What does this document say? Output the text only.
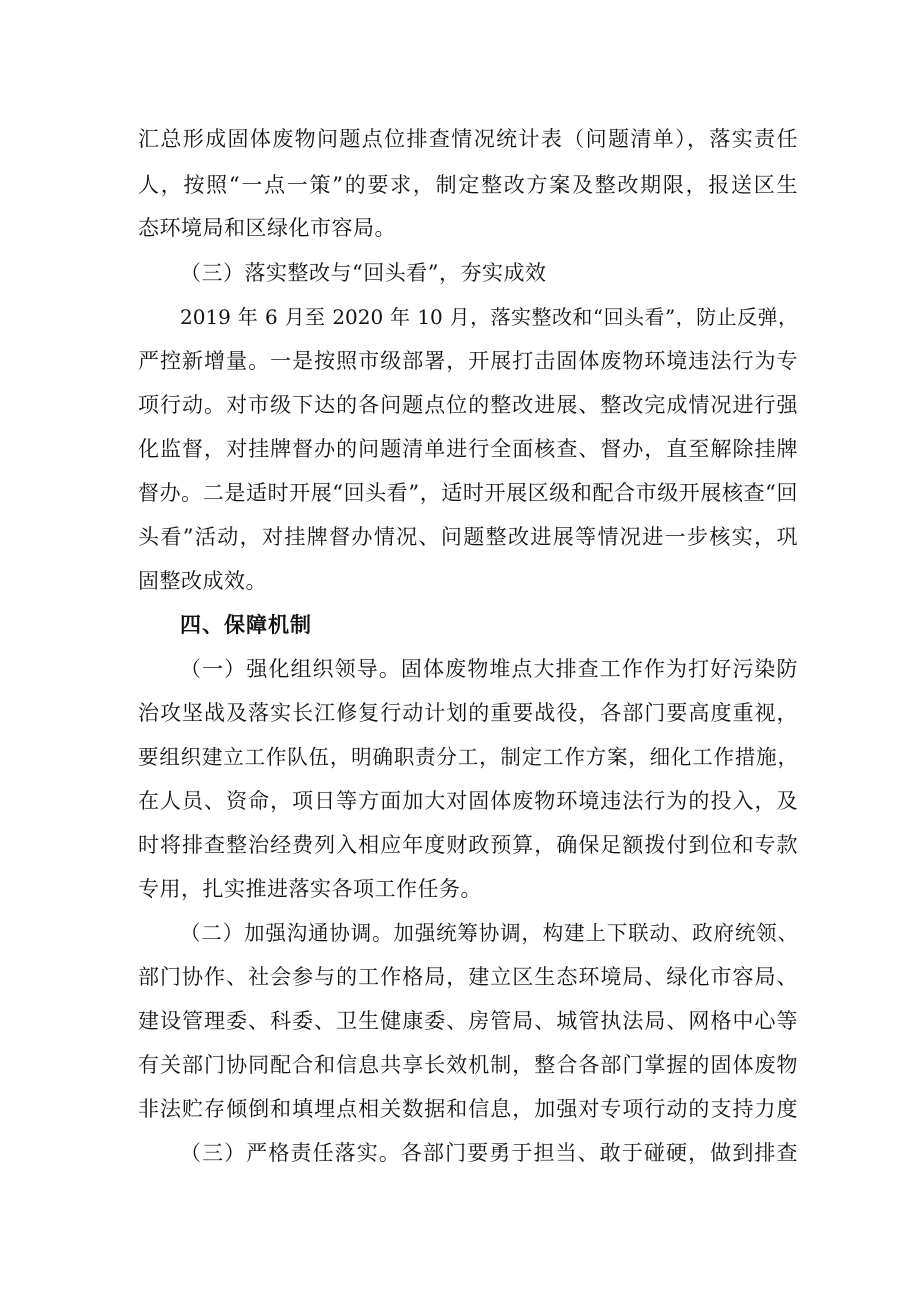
汇总形成固体废物问题点位排查情况统计表（问题清单），落实责任
人，按照“一点一策”的要求，制定整改方案及整改期限，报送区生
态环境局和区绿化市容局。
（三）落实整改与“回头看”，夯实成效
2019 年 6 月至 2020 年 10 月，落实整改和“回头看”，防止反弹，
严控新增量。一是按照市级部署，开展打击固体废物环境违法行为专
项行动。对市级下达的各问题点位的整改进展、整改完成情况进行强
化监督，对挂牌督办的问题清单进行全面核查、督办，直至解除挂牌
督办。二是适时开展“回头看”，适时开展区级和配合市级开展核查“回
头看”活动，对挂牌督办情况、问题整改进展等情况进一步核实，巩
固整改成效。
四、保障机制
（一）强化组织领导。固体废物堆点大排查工作作为打好污染防
治攻坚战及落实长江修复行动计划的重要战役，各部门要高度重视，
要组织建立工作队伍，明确职责分工，制定工作方案，细化工作措施，
在人员、资命，项日等方面加大对固体废物环境违法行为的投入，及
时将排查整治经费列入相应年度财政预算，确保足额拨付到位和专款
专用，扎实推进落实各项工作任务。
（二）加强沟通协调。加强统筹协调，构建上下联动、政府统领、
部门协作、社会参与的工作格局，建立区生态环境局、绿化市容局、
建设管理委、科委、卫生健康委、房管局、城管执法局、网格中心等
有关部门协同配合和信息共享长效机制，整合各部门掌握的固体废物
非法贮存倾倒和填埋点相关数据和信息，加强对专项行动的支持力度
（三）严格责任落实。各部门要勇于担当、敢于碰硬，做到排查
